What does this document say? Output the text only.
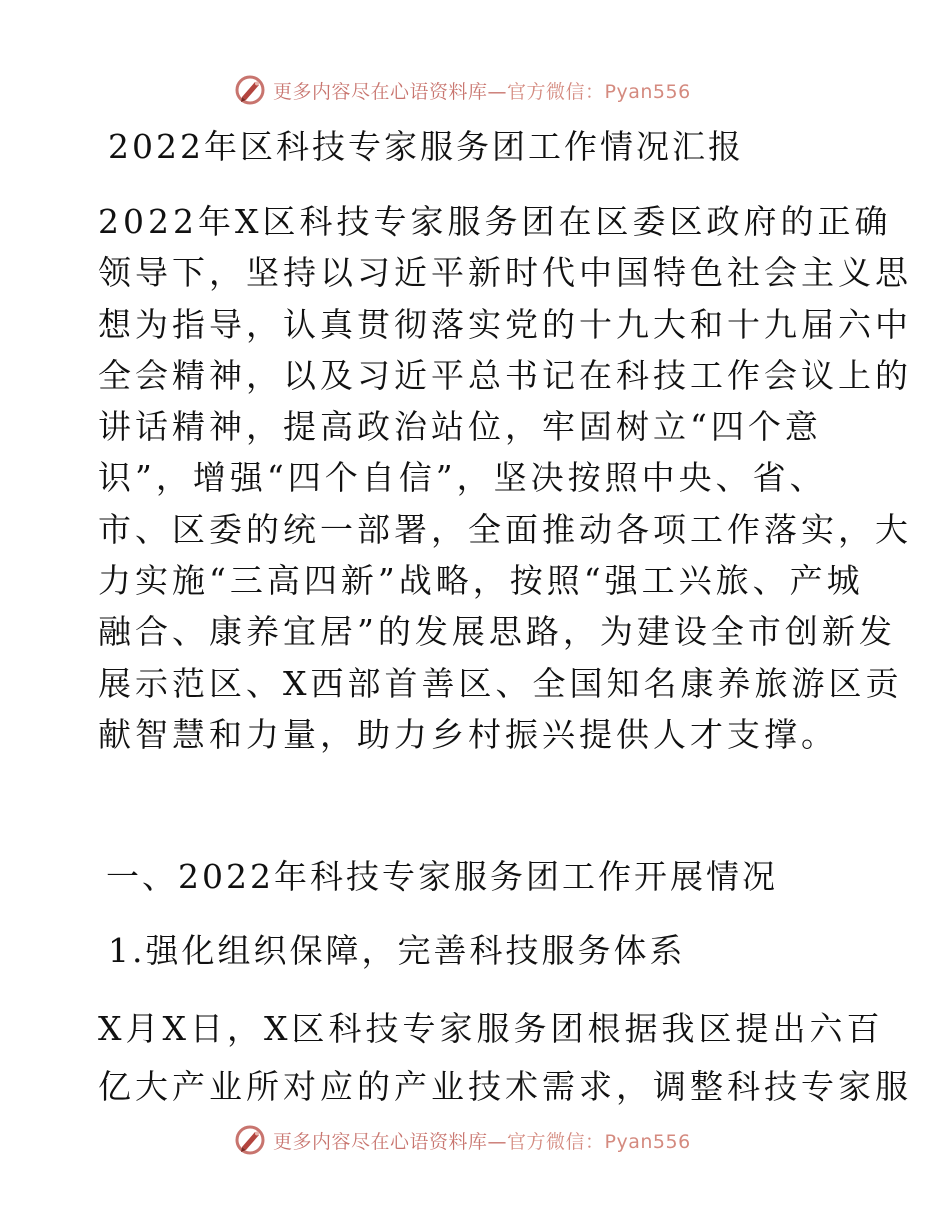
更多内容尽在心语资料库—官方微信：Pyan556
2022年区科技专家服务团工作情况汇报
2022年X区科技专家服务团在区委区政府的正确
领导下，坚持以习近平新时代中国特色社会主义思
想为指导，认真贯彻落实党的十九大和十九届六中
全会精神，以及习近平总书记在科技工作会议上的
讲话精神，提高政治站位，牢固树立“四个意
识”，增强“四个自信”，坚决按照中央、省、
市、区委的统一部署，全面推动各项工作落实，大
力实施“三高四新”战略，按照“强工兴旅、产城
融合、康养宜居”的发展思路，为建设全市创新发
展示范区、X西部首善区、全国知名康养旅游区贡
献智慧和力量，助力乡村振兴提供人才支撑。
一、2022年科技专家服务团工作开展情况
1.强化组织保障，完善科技服务体系
X月X日，X区科技专家服务团根据我区提出六百
亿大产业所对应的产业技术需求，调整科技专家服
更多内容尽在心语资料库—官方微信：Pyan556
